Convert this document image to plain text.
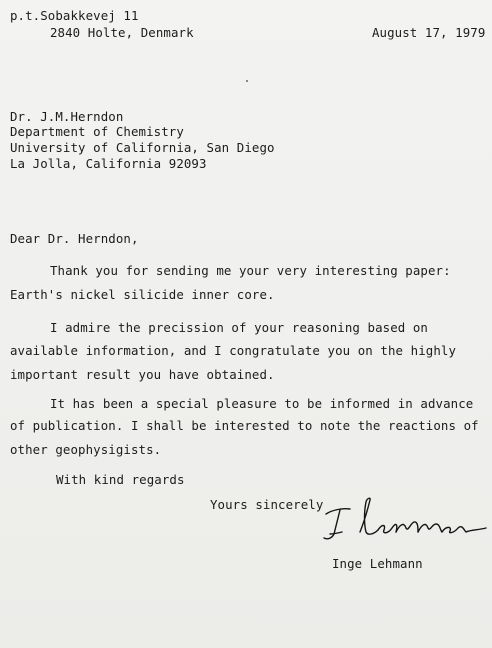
p.t.Sobakkevej 11
2840 Holte, Denmark	August 17, 1979
Dr. J.M.Herndon
Department of Chemistry
University of California, San Diego
La Jolla, California 92093
Dear Dr. Herndon,
Thank you for sending me your very interesting paper:
Earth's nickel silicide inner core.
I admire the precission of your reasoning based on
available information, and I congratulate you on the highly
important result you have obtained.
It has been a special pleasure to be informed in advance
of publication. I shall be interested to note the reactions of
other geophysigists.
With kind regards
Yours sincerely
Inge Lehmann
